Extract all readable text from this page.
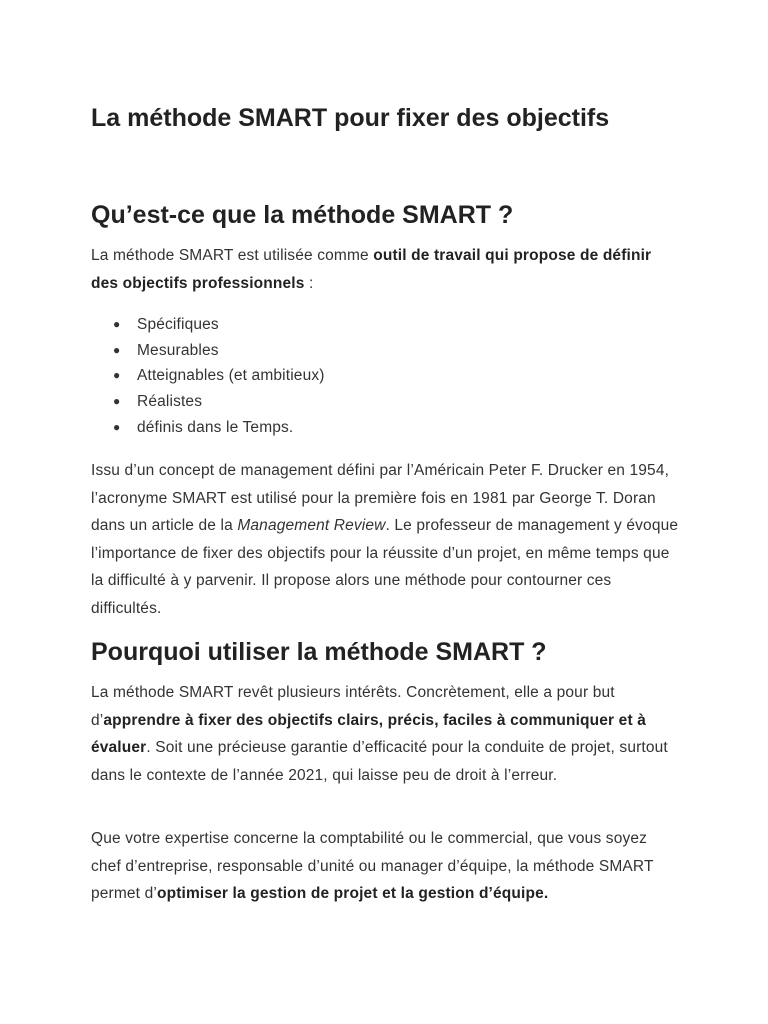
La méthode SMART pour fixer des objectifs
Qu’est-ce que la méthode SMART ?

La méthode SMART est utilisée comme outil de travail qui propose de définir des objectifs professionnels :

● Spécifiques
● Mesurables
● Atteignables (et ambitieux)
● Réalistes
● définis dans le Temps.

Issu d’un concept de management défini par l’Américain Peter F. Drucker en 1954, l’acronyme SMART est utilisé pour la première fois en 1981 par George T. Doran dans un article de la Management Review. Le professeur de management y évoque l’importance de fixer des objectifs pour la réussite d’un projet, en même temps que la difficulté à y parvenir. Il propose alors une méthode pour contourner ces difficultés.

Pourquoi utiliser la méthode SMART ?

La méthode SMART revêt plusieurs intérêts. Concrètement, elle a pour but d’apprendre à fixer des objectifs clairs, précis, faciles à communiquer et à évaluer. Soit une précieuse garantie d’efficacité pour la conduite de projet, surtout dans le contexte de l’année 2021, qui laisse peu de droit à l’erreur.

Que votre expertise concerne la comptabilité ou le commercial, que vous soyez chef d’entreprise, responsable d’unité ou manager d’équipe, la méthode SMART permet d’optimiser la gestion de projet et la gestion d’équipe.
